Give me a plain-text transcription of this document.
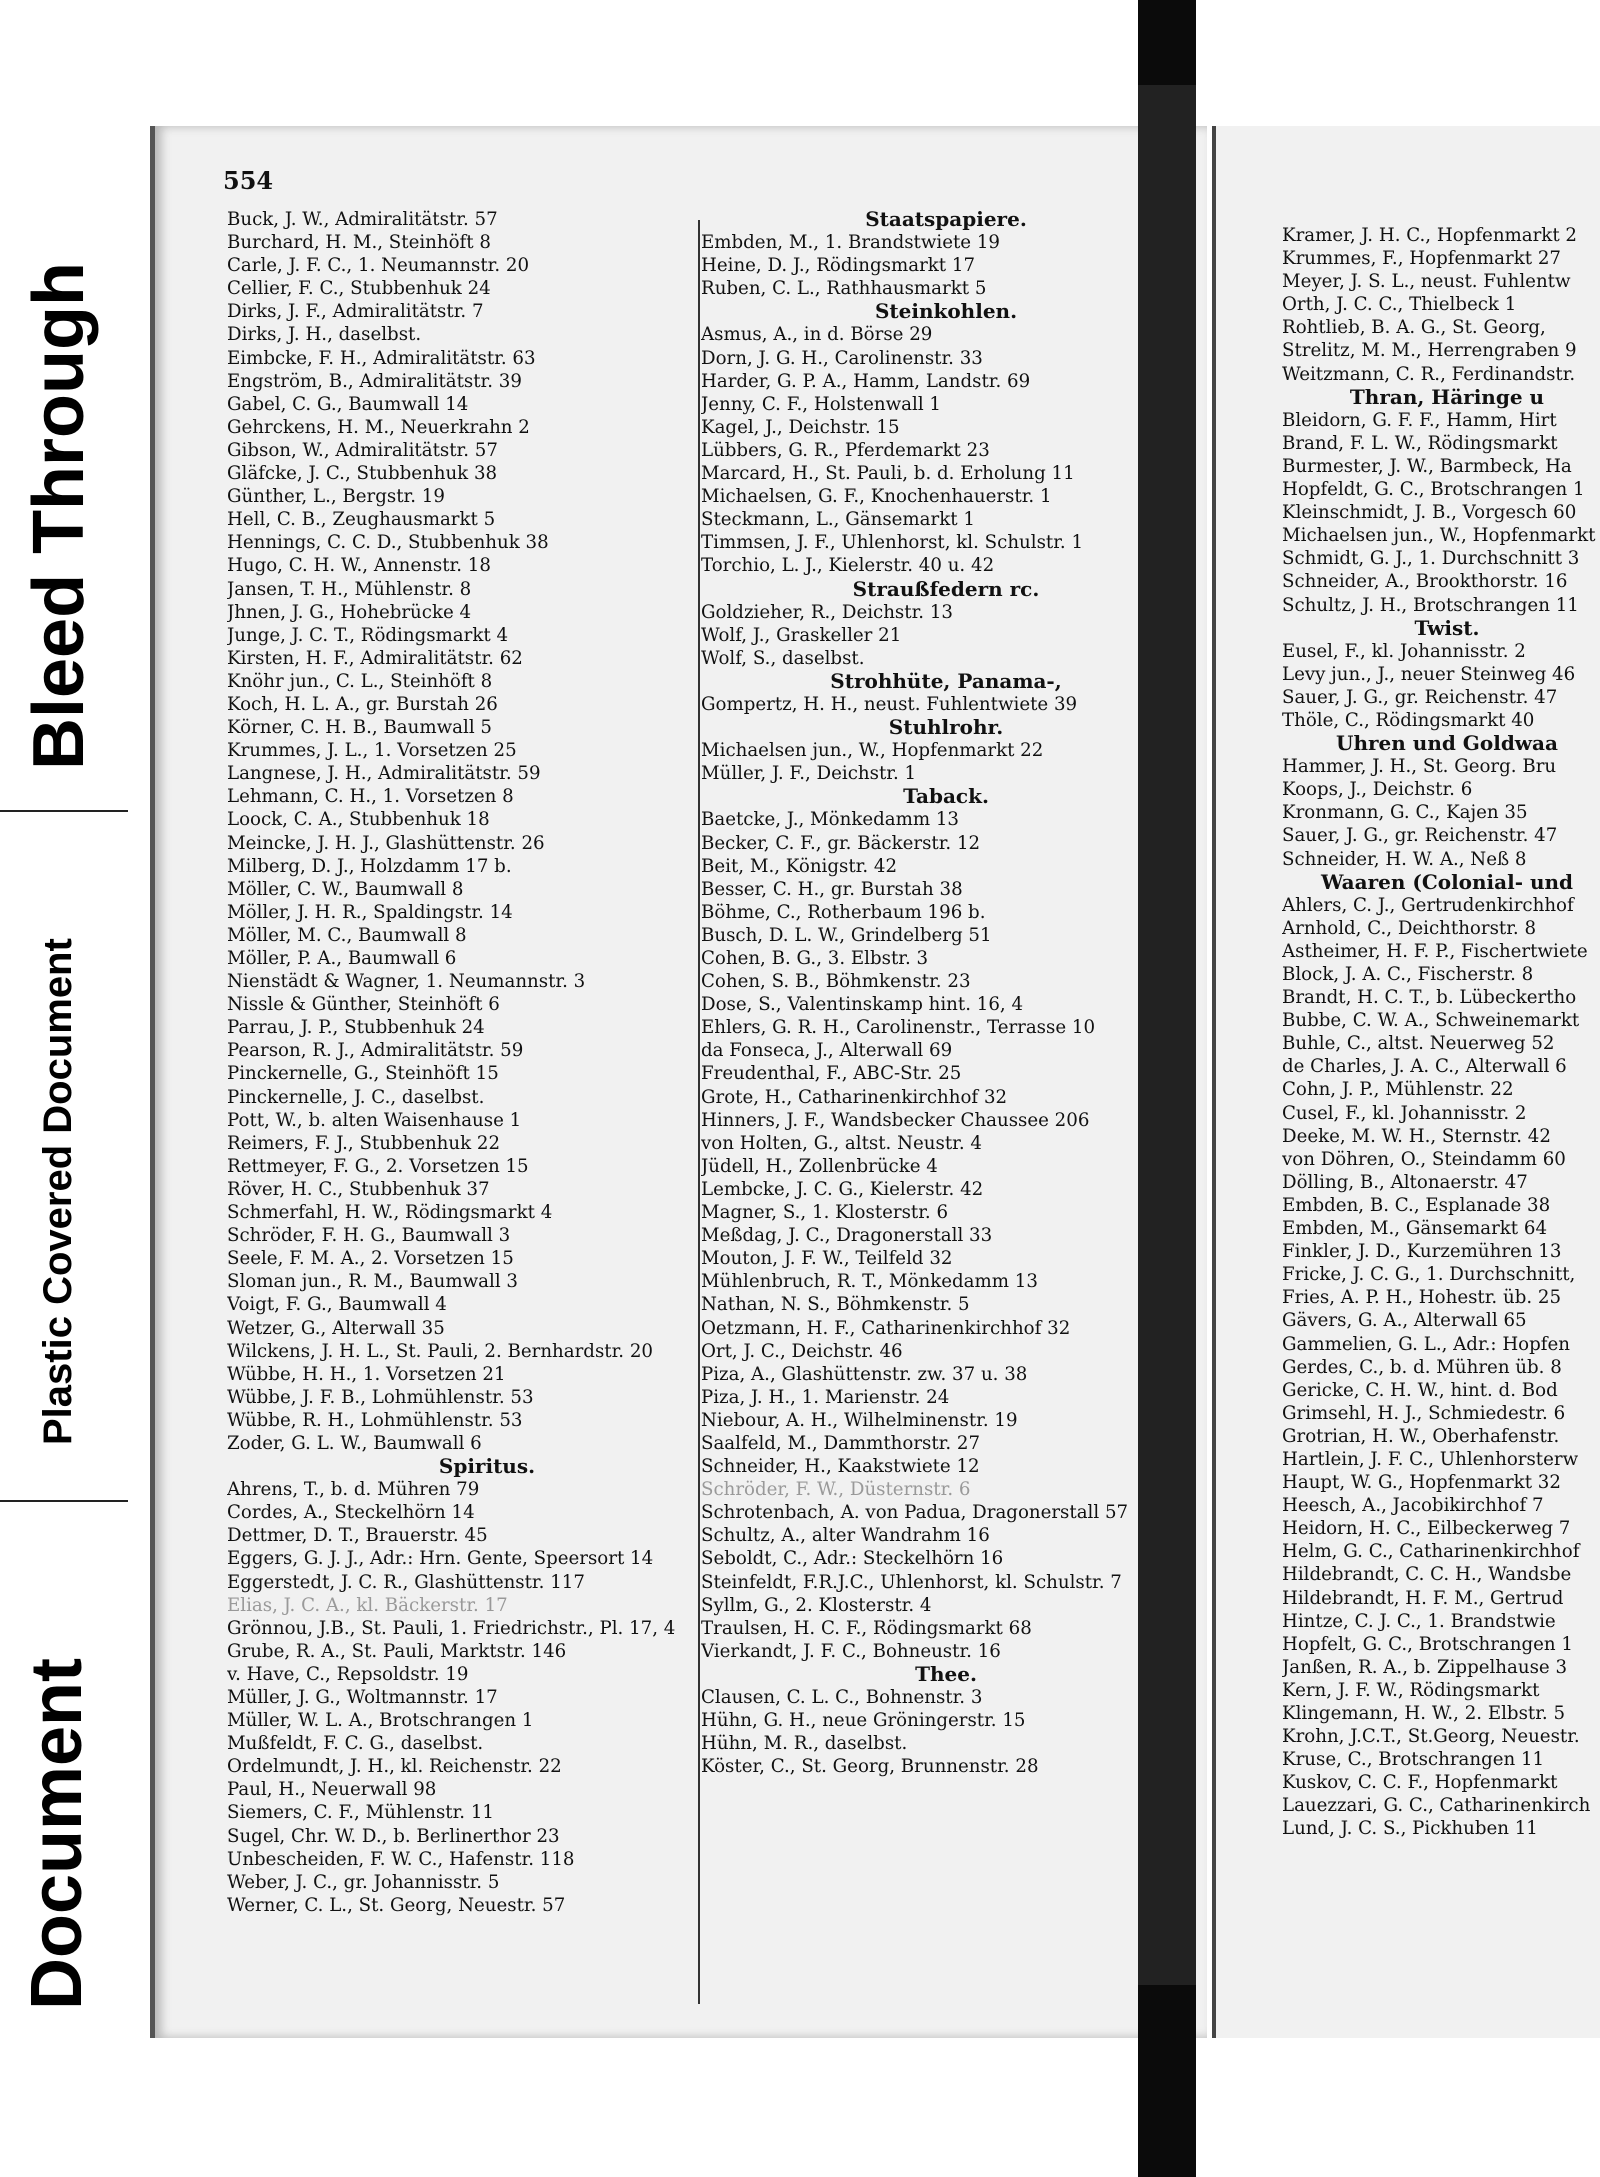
Bleed Through
Plastic Covered Document
Document
554
Buck, J. W., Admiralitätstr. 57
Burchard, H. M., Steinhöft 8
Carle, J. F. C., 1. Neumannstr. 20
Cellier, F. C., Stubbenhuk 24
Dirks, J. F., Admiralitätstr. 7
Dirks, J. H., daselbst.
Eimbcke, F. H., Admiralitätstr. 63
Engström, B., Admiralitätstr. 39
Gabel, C. G., Baumwall 14
Gehrckens, H. M., Neuerkrahn 2
Gibson, W., Admiralitätstr. 57
Gläfcke, J. C., Stubbenhuk 38
Günther, L., Bergstr. 19
Hell, C. B., Zeughausmarkt 5
Hennings, C. C. D., Stubbenhuk 38
Hugo, C. H. W., Annenstr. 18
Jansen, T. H., Mühlenstr. 8
Jhnen, J. G., Hohebrücke 4
Junge, J. C. T., Rödingsmarkt 4
Kirsten, H. F., Admiralitätstr. 62
Knöhr jun., C. L., Steinhöft 8
Koch, H. L. A., gr. Burstah 26
Körner, C. H. B., Baumwall 5
Krummes, J. L., 1. Vorsetzen 25
Langnese, J. H., Admiralitätstr. 59
Lehmann, C. H., 1. Vorsetzen 8
Loock, C. A., Stubbenhuk 18
Meincke, J. H. J., Glashüttenstr. 26
Milberg, D. J., Holzdamm 17 b.
Möller, C. W., Baumwall 8
Möller, J. H. R., Spaldingstr. 14
Möller, M. C., Baumwall 8
Möller, P. A., Baumwall 6
Nienstädt & Wagner, 1. Neumannstr. 3
Nissle & Günther, Steinhöft 6
Parrau, J. P., Stubbenhuk 24
Pearson, R. J., Admiralitätstr. 59
Pinckernelle, G., Steinhöft 15
Pinckernelle, J. C., daselbst.
Pott, W., b. alten Waisenhause 1
Reimers, F. J., Stubbenhuk 22
Rettmeyer, F. G., 2. Vorsetzen 15
Röver, H. C., Stubbenhuk 37
Schmerfahl, H. W., Rödingsmarkt 4
Schröder, F. H. G., Baumwall 3
Seele, F. M. A., 2. Vorsetzen 15
Sloman jun., R. M., Baumwall 3
Voigt, F. G., Baumwall 4
Wetzer, G., Alterwall 35
Wilckens, J. H. L., St. Pauli, 2. Bernhardstr. 20
Wübbe, H. H., 1. Vorsetzen 21
Wübbe, J. F. B., Lohmühlenstr. 53
Wübbe, R. H., Lohmühlenstr. 53
Zoder, G. L. W., Baumwall 6
Spiritus.
Ahrens, T., b. d. Mühren 79
Cordes, A., Steckelhörn 14
Dettmer, D. T., Brauerstr. 45
Eggers, G. J. J., Adr.: Hrn. Gente, Speersort 14
Eggerstedt, J. C. R., Glashüttenstr. 117
Elias, J. C. A., kl. Bäckerstr. 17
Grönnou, J.B., St. Pauli, 1. Friedrichstr., Pl. 17, 4
Grube, R. A., St. Pauli, Marktstr. 146
v. Have, C., Repsoldstr. 19
Müller, J. G., Woltmannstr. 17
Müller, W. L. A., Brotschrangen 1
Mußfeldt, F. C. G., daselbst.
Ordelmundt, J. H., kl. Reichenstr. 22
Paul, H., Neuerwall 98
Siemers, C. F., Mühlenstr. 11
Sugel, Chr. W. D., b. Berlinerthor 23
Unbescheiden, F. W. C., Hafenstr. 118
Weber, J. C., gr. Johannisstr. 5
Werner, C. L., St. Georg, Neuestr. 57
Staatspapiere.
Embden, M., 1. Brandstwiete 19
Heine, D. J., Rödingsmarkt 17
Ruben, C. L., Rathhausmarkt 5
Steinkohlen.
Asmus, A., in d. Börse 29
Dorn, J. G. H., Carolinenstr. 33
Harder, G. P. A., Hamm, Landstr. 69
Jenny, C. F., Holstenwall 1
Kagel, J., Deichstr. 15
Lübbers, G. R., Pferdemarkt 23
Marcard, H., St. Pauli, b. d. Erholung 11
Michaelsen, G. F., Knochenhauerstr. 1
Steckmann, L., Gänsemarkt 1
Timmsen, J. F., Uhlenhorst, kl. Schulstr. 1
Torchio, L. J., Kielerstr. 40 u. 42
Straußfedern rc.
Goldzieher, R., Deichstr. 13
Wolf, J., Graskeller 21
Wolf, S., daselbst.
Strohhüte, Panama-,
Gompertz, H. H., neust. Fuhlentwiete 39
Stuhlrohr.
Michaelsen jun., W., Hopfenmarkt 22
Müller, J. F., Deichstr. 1
Taback.
Baetcke, J., Mönkedamm 13
Becker, C. F., gr. Bäckerstr. 12
Beit, M., Königstr. 42
Besser, C. H., gr. Burstah 38
Böhme, C., Rotherbaum 196 b.
Busch, D. L. W., Grindelberg 51
Cohen, B. G., 3. Elbstr. 3
Cohen, S. B., Böhmkenstr. 23
Dose, S., Valentinskamp hint. 16, 4
Ehlers, G. R. H., Carolinenstr., Terrasse 10
da Fonseca, J., Alterwall 69
Freudenthal, F., ABC-Str. 25
Grote, H., Catharinenkirchhof 32
Hinners, J. F., Wandsbecker Chaussee 206
von Holten, G., altst. Neustr. 4
Jüdell, H., Zollenbrücke 4
Lembcke, J. C. G., Kielerstr. 42
Magner, S., 1. Klosterstr. 6
Meßdag, J. C., Dragonerstall 33
Mouton, J. F. W., Teilfeld 32
Mühlenbruch, R. T., Mönkedamm 13
Nathan, N. S., Böhmkenstr. 5
Oetzmann, H. F., Catharinenkirchhof 32
Ort, J. C., Deichstr. 46
Piza, A., Glashüttenstr. zw. 37 u. 38
Piza, J. H., 1. Marienstr. 24
Niebour, A. H., Wilhelminenstr. 19
Saalfeld, M., Dammthorstr. 27
Schneider, H., Kaakstwiete 12
Schröder, F. W., Düsternstr. 6
Schrotenbach, A. von Padua, Dragonerstall 57
Schultz, A., alter Wandrahm 16
Seboldt, C., Adr.: Steckelhörn 16
Steinfeldt, F.R.J.C., Uhlenhorst, kl. Schulstr. 7
Syllm, G., 2. Klosterstr. 4
Traulsen, H. C. F., Rödingsmarkt 68
Vierkandt, J. F. C., Bohneustr. 16
Thee.
Clausen, C. L. C., Bohnenstr. 3
Hühn, G. H., neue Gröningerstr. 15
Hühn, M. R., daselbst.
Köster, C., St. Georg, Brunnenstr. 28
Kramer, J. H. C., Hopfenmarkt 2
Krummes, F., Hopfenmarkt 27
Meyer, J. S. L., neust. Fuhlentw
Orth, J. C. C., Thielbeck 1
Rohtlieb, B. A. G., St. Georg,
Strelitz, M. M., Herrengraben 9
Weitzmann, C. R., Ferdinandstr.
Thran, Häringe u
Bleidorn, G. F. F., Hamm, Hirt
Brand, F. L. W., Rödingsmarkt
Burmester, J. W., Barmbeck, Ha
Hopfeldt, G. C., Brotschrangen 1
Kleinschmidt, J. B., Vorgesch 60
Michaelsen jun., W., Hopfenmarkt
Schmidt, G. J., 1. Durchschnitt 3
Schneider, A., Brookthorstr. 16
Schultz, J. H., Brotschrangen 11
Twist.
Eusel, F., kl. Johannisstr. 2
Levy jun., J., neuer Steinweg 46
Sauer, J. G., gr. Reichenstr. 47
Thöle, C., Rödingsmarkt 40
Uhren und Goldwaa
Hammer, J. H., St. Georg. Bru
Koops, J., Deichstr. 6
Kronmann, G. C., Kajen 35
Sauer, J. G., gr. Reichenstr. 47
Schneider, H. W. A., Neß 8
Waaren (Colonial- und
Ahlers, C. J., Gertrudenkirchhof
Arnhold, C., Deichthorstr. 8
Astheimer, H. F. P., Fischertwiete
Block, J. A. C., Fischerstr. 8
Brandt, H. C. T., b. Lübeckertho
Bubbe, C. W. A., Schweinemarkt
Buhle, C., altst. Neuerweg 52
de Charles, J. A. C., Alterwall 6
Cohn, J. P., Mühlenstr. 22
Cusel, F., kl. Johannisstr. 2
Deeke, M. W. H., Sternstr. 42
von Döhren, O., Steindamm 60
Dölling, B., Altonaerstr. 47
Embden, B. C., Esplanade 38
Embden, M., Gänsemarkt 64
Finkler, J. D., Kurzemühren 13
Fricke, J. C. G., 1. Durchschnitt,
Fries, A. P. H., Hohestr. üb. 25
Gävers, G. A., Alterwall 65
Gammelien, G. L., Adr.: Hopfen
Gerdes, C., b. d. Mühren üb. 8
Gericke, C. H. W., hint. d. Bod
Grimsehl, H. J., Schmiedestr. 6
Grotrian, H. W., Oberhafenstr.
Hartlein, J. F. C., Uhlenhorsterw
Haupt, W. G., Hopfenmarkt 32
Heesch, A., Jacobikirchhof 7
Heidorn, H. C., Eilbeckerweg 7
Helm, G. C., Catharinenkirchhof
Hildebrandt, C. C. H., Wandsbe
Hildebrandt, H. F. M., Gertrud
Hintze, C. J. C., 1. Brandstwie
Hopfelt, G. C., Brotschrangen 1
Janßen, R. A., b. Zippelhause 3
Kern, J. F. W., Rödingsmarkt
Klingemann, H. W., 2. Elbstr. 5
Krohn, J.C.T., St.Georg, Neuestr.
Kruse, C., Brotschrangen 11
Kuskov, C. C. F., Hopfenmarkt
Lauezzari, G. C., Catharinenkirch
Lund, J. C. S., Pickhuben 11
